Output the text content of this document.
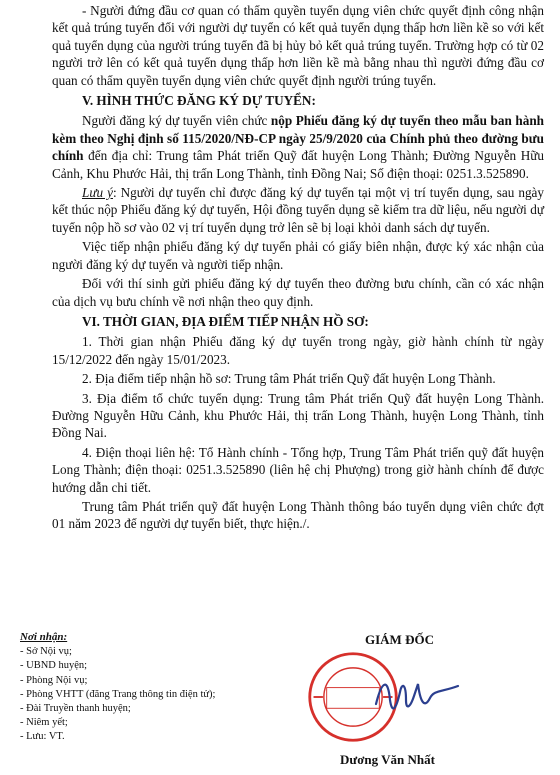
- Người đứng đầu cơ quan có thẩm quyền tuyển dụng viên chức quyết định công nhận kết quả trúng tuyển đối với người dự tuyển có kết quả tuyển dụng thấp hơn liền kề so với kết quả tuyển dụng của người trúng tuyển đã bị hủy bỏ kết quả trúng tuyển. Trường hợp có từ 02 người trở lên có kết quả tuyển dụng thấp hơn liền kề mà bằng nhau thì người đứng đầu cơ quan có thẩm quyền tuyển dụng viên chức quyết định người trúng tuyển.

V. HÌNH THỨC ĐĂNG KÝ DỰ TUYỂN:

Người đăng ký dự tuyển viên chức nộp Phiếu đăng ký dự tuyển theo mẫu ban hành kèm theo Nghị định số 115/2020/NĐ-CP ngày 25/9/2020 của Chính phủ theo đường bưu chính đến địa chỉ: Trung tâm Phát triển Quỹ đất huyện Long Thành; Đường Nguyễn Hữu Cảnh, Khu Phước Hải, thị trấn Long Thành, tỉnh Đồng Nai; Số điện thoại: 0251.3.525890.

Lưu ý: Người dự tuyển chỉ được đăng ký dự tuyển tại một vị trí tuyển dụng, sau ngày kết thúc nộp Phiếu đăng ký dự tuyển, Hội đồng tuyển dụng sẽ kiểm tra dữ liệu, nếu người dự tuyển nộp hồ sơ vào 02 vị trí tuyển dụng trở lên sẽ bị loại khỏi danh sách dự tuyển.

Việc tiếp nhận phiếu đăng ký dự tuyển phải có giấy biên nhận, được ký xác nhận của người đăng ký dự tuyển và người tiếp nhận.

Đối với thí sinh gửi phiếu đăng ký dự tuyển theo đường bưu chính, cần có xác nhận của dịch vụ bưu chính về nơi nhận theo quy định.

VI. THỜI GIAN, ĐỊA ĐIỂM TIẾP NHẬN HỒ SƠ:

1. Thời gian nhận Phiếu đăng ký dự tuyển trong ngày, giờ hành chính từ ngày 15/12/2022 đến ngày 15/01/2023.

2. Địa điểm tiếp nhận hồ sơ: Trung tâm Phát triển Quỹ đất huyện Long Thành.

3. Địa điểm tổ chức tuyển dụng: Trung tâm Phát triển Quỹ đất huyện Long Thành. Đường Nguyễn Hữu Cảnh, khu Phước Hải, thị trấn Long Thành, huyện Long Thành, tỉnh Đồng Nai.

4. Điện thoại liên hệ: Tổ Hành chính - Tổng hợp, Trung Tâm Phát triển quỹ đất huyện Long Thành; điện thoại: 0251.3.525890 (liên hệ chị Phượng) trong giờ hành chính để được hướng dẫn chi tiết.

Trung tâm Phát triển quỹ đất huyện Long Thành thông báo tuyển dụng viên chức đợt 01 năm 2023 để người dự tuyển biết, thực hiện./.

Nơi nhận:
- Sở Nội vụ;
- UBND huyện;
- Phòng Nội vụ;
- Phòng VHTT (đăng Trang thông tin điện tử);
- Đài Truyền thanh huyện;
- Niêm yết;
- Lưu: VT.
GIÁM ĐỐC
Dương Văn Nhất
